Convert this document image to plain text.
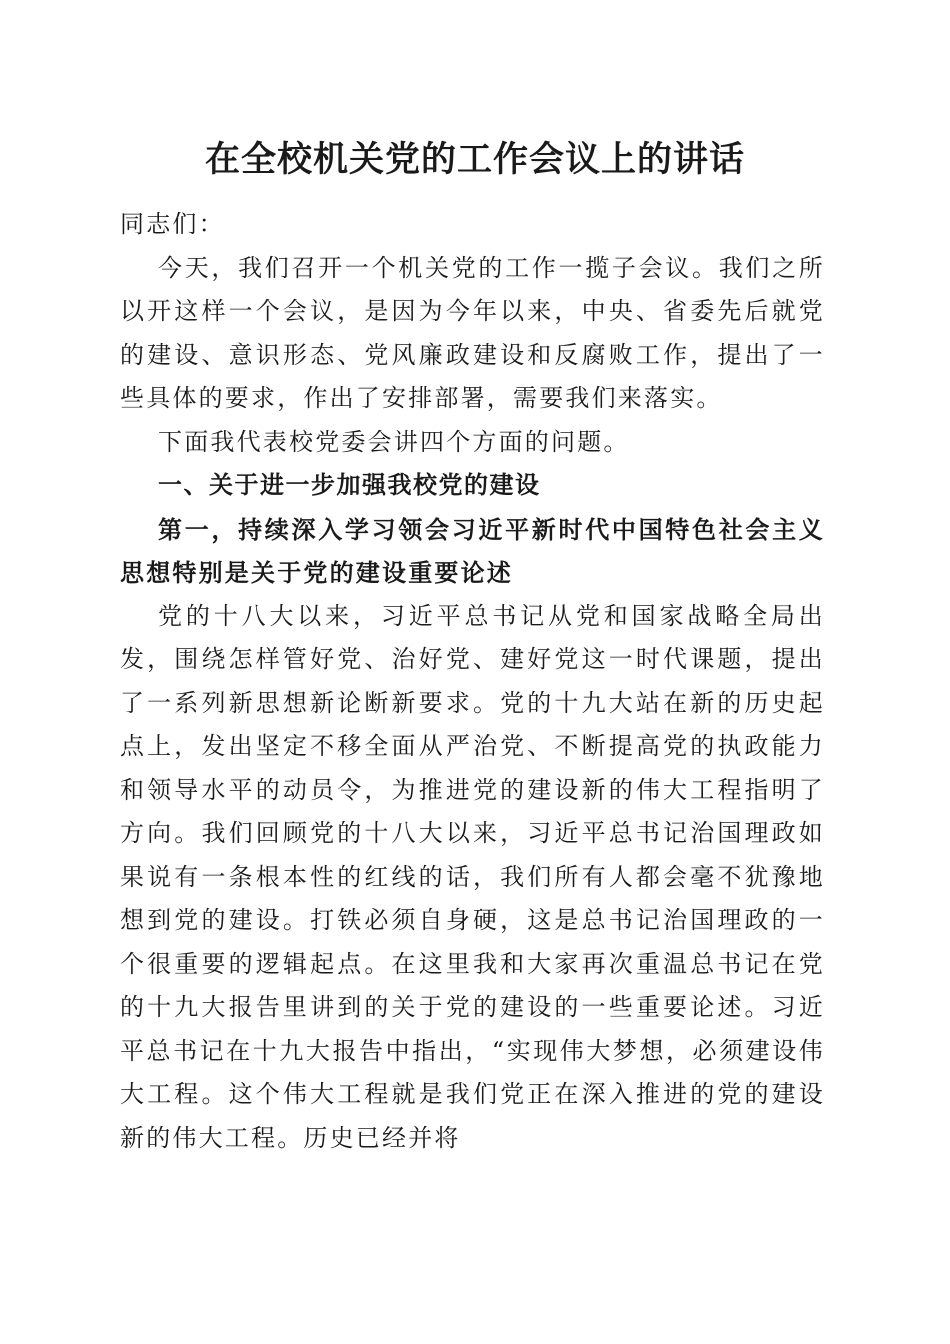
在全校机关党的工作会议上的讲话

同志们：

今天，我们召开一个机关党的工作一揽子会议。我们之所以开这样一个会议，是因为今年以来，中央、省委先后就党的建设、意识形态、党风廉政建设和反腐败工作，提出了一些具体的要求，作出了安排部署，需要我们来落实。

下面我代表校党委会讲四个方面的问题。

一、关于进一步加强我校党的建设

第一，持续深入学习领会习近平新时代中国特色社会主义思想特别是关于党的建设重要论述

党的十八大以来，习近平总书记从党和国家战略全局出发，围绕怎样管好党、治好党、建好党这一时代课题，提出了一系列新思想新论断新要求。党的十九大站在新的历史起点上，发出坚定不移全面从严治党、不断提高党的执政能力和领导水平的动员令，为推进党的建设新的伟大工程指明了方向。我们回顾党的十八大以来，习近平总书记治国理政如果说有一条根本性的红线的话，我们所有人都会毫不犹豫地想到党的建设。打铁必须自身硬，这是总书记治国理政的一个很重要的逻辑起点。在这里我和大家再次重温总书记在党的十九大报告里讲到的关于党的建设的一些重要论述。习近平总书记在十九大报告中指出，“实现伟大梦想，必须建设伟大工程。这个伟大工程就是我们党正在深入推进的党的建设新的伟大工程。历史已经并将
